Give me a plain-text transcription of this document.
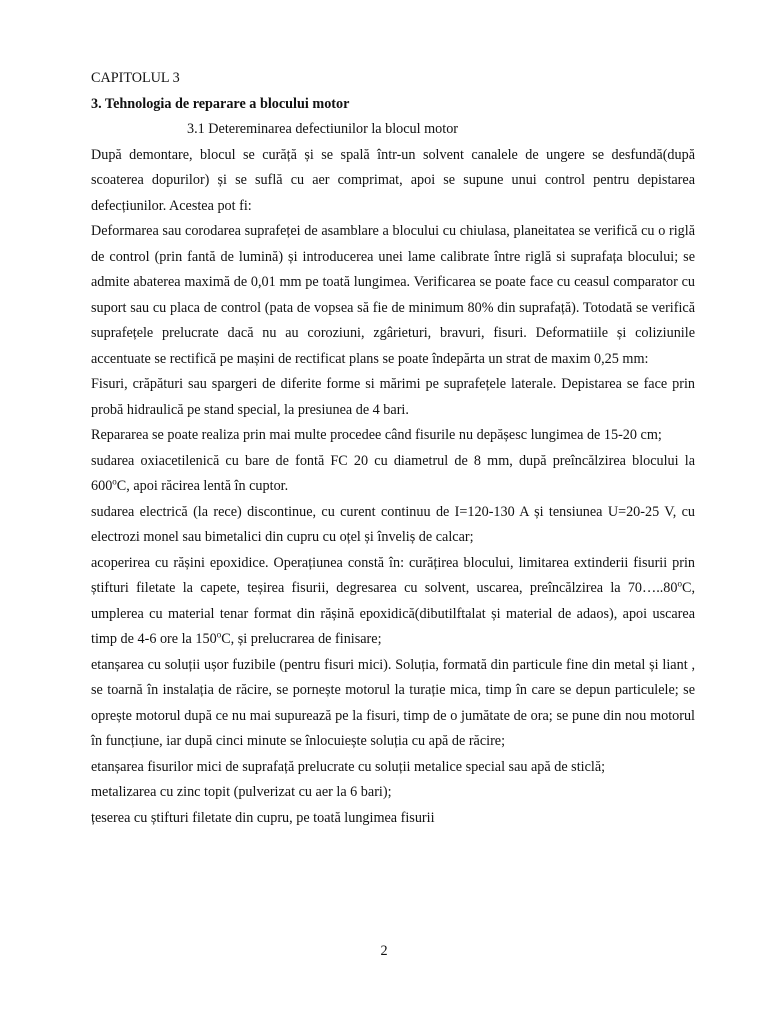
CAPITOLUL 3

3. Tehnologia de reparare a blocului motor

3.1 Detereminarea defectiunilor la blocul motor

După demontare, blocul se curăță și se spală într-un solvent canalele de ungere se desfundă(după scoaterea dopurilor) și se suflă cu aer comprimat, apoi se supune unui control pentru depistarea defecțiunilor. Acestea pot fi:

Deformarea sau corodarea suprafeței de asamblare a blocului cu chiulasa, planeitatea se verifică cu o riglă de control (prin fantă de lumină) și introducerea unei lame calibrate între riglă si suprafața blocului; se admite abaterea maximă de 0,01 mm pe toată lungimea. Verificarea se poate face cu ceasul comparator cu suport sau cu placa de control (pata de vopsea să fie de minimum 80% din suprafață). Totodată se verifică suprafețele prelucrate dacă nu au coroziuni, zgârieturi, bravuri, fisuri. Deformatiile și coliziunile accentuate se rectifică pe mașini de rectificat plans se poate îndepărta un strat de maxim 0,25 mm:

Fisuri, crăpături sau spargeri de diferite forme si mărimi pe suprafețele laterale. Depistarea se face prin probă hidraulică pe stand special, la presiunea de 4 bari.

Repararea se poate realiza prin mai multe procedee când fisurile nu depășesc lungimea de 15-20 cm;

sudarea oxiacetilenică cu bare de fontă FC 20 cu diametrul de 8 mm, după preîncălzirea blocului la 600$^o$C, apoi răcirea lentă în cuptor.

sudarea electrică (la rece) discontinue, cu curent continuu de I=120-130 A și tensiunea U=20-25 V, cu electrozi monel sau bimetalici din cupru cu oțel și înveliș de calcar;

acoperirea cu rășini epoxidice. Operațiunea constă în: curățirea blocului, limitarea extinderii fisurii prin știfturi filetate la capete, teșirea fisurii, degresarea cu solvent, uscarea, preîncălzirea la 70…..80$^o$C, umplerea cu material tenar format din rășină epoxidică(dibutilftalat și material de adaos), apoi uscarea timp de 4-6 ore la 150$^o$C, și prelucrarea de finisare;

etanșarea cu soluții ușor fuzibile (pentru fisuri mici). Soluția, formată din particule fine din metal și liant , se toarnă în instalația de răcire, se pornește motorul la turație mica, timp în care se depun particulele; se oprește motorul după ce nu mai supurează pe la fisuri, timp de o jumătate de ora; se pune din nou motorul în funcțiune, iar după cinci minute se înlocuiește soluția cu apă de răcire;

etanșarea fisurilor mici de suprafață prelucrate cu soluții metalice special sau apă de sticlă;

metalizarea cu zinc topit (pulverizat cu aer la 6 bari);

țeserea cu știfturi filetate din cupru, pe toată lungimea fisurii

2
